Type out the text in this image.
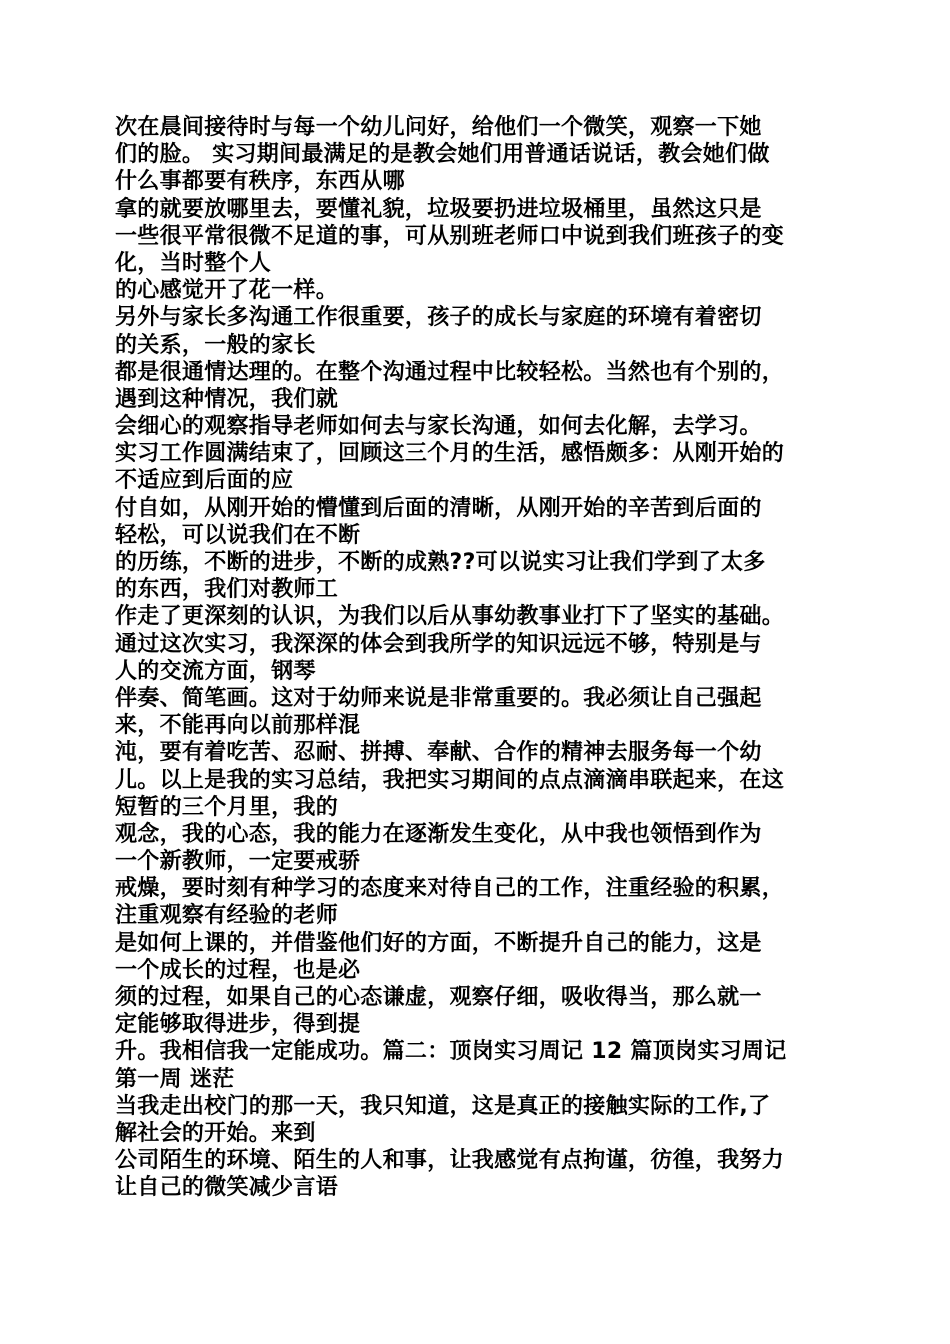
次在晨间接待时与每一个幼儿问好，给他们一个微笑，观察一下她
们的脸。 实习期间最满足的是教会她们用普通话说话，教会她们做
什么事都要有秩序，东西从哪
拿的就要放哪里去，要懂礼貌，垃圾要扔进垃圾桶里，虽然这只是
一些很平常很微不足道的事，可从别班老师口中说到我们班孩子的变
化，当时整个人
的心感觉开了花一样。
另外与家长多沟通工作很重要，孩子的成长与家庭的环境有着密切
的关系，一般的家长
都是很通情达理的。在整个沟通过程中比较轻松。当然也有个别的，
遇到这种情况，我们就
会细心的观察指导老师如何去与家长沟通，如何去化解，去学习。
实习工作圆满结束了，回顾这三个月的生活，感悟颇多：从刚开始的
不适应到后面的应
付自如，从刚开始的懵懂到后面的清晰，从刚开始的辛苦到后面的
轻松，可以说我们在不断
的历练，不断的进步，不断的成熟??可以说实习让我们学到了太多
的东西，我们对教师工
作走了更深刻的认识，为我们以后从事幼教事业打下了坚实的基础。
通过这次实习，我深深的体会到我所学的知识远远不够，特别是与
人的交流方面，钢琴
伴奏、简笔画。这对于幼师来说是非常重要的。我必须让自己强起
来，不能再向以前那样混
沌，要有着吃苦、忍耐、拼搏、奉献、合作的精神去服务每一个幼
儿。以上是我的实习总结，我把实习期间的点点滴滴串联起来，在这
短暂的三个月里，我的
观念，我的心态，我的能力在逐渐发生变化，从中我也领悟到作为
一个新教师，一定要戒骄
戒燥，要时刻有种学习的态度来对待自己的工作，注重经验的积累，
注重观察有经验的老师
是如何上课的，并借鉴他们好的方面，不断提升自己的能力，这是
一个成长的过程，也是必
须的过程，如果自己的心态谦虚，观察仔细，吸收得当，那么就一
定能够取得进步，得到提
升。我相信我一定能成功。篇二：顶岗实习周记 12 篇顶岗实习周记
第一周 迷茫
当我走出校门的那一天，我只知道，这是真正的接触实际的工作,了
解社会的开始。来到
公司陌生的环境、陌生的人和事，让我感觉有点拘谨，彷徨，我努力
让自己的微笑减少言语
